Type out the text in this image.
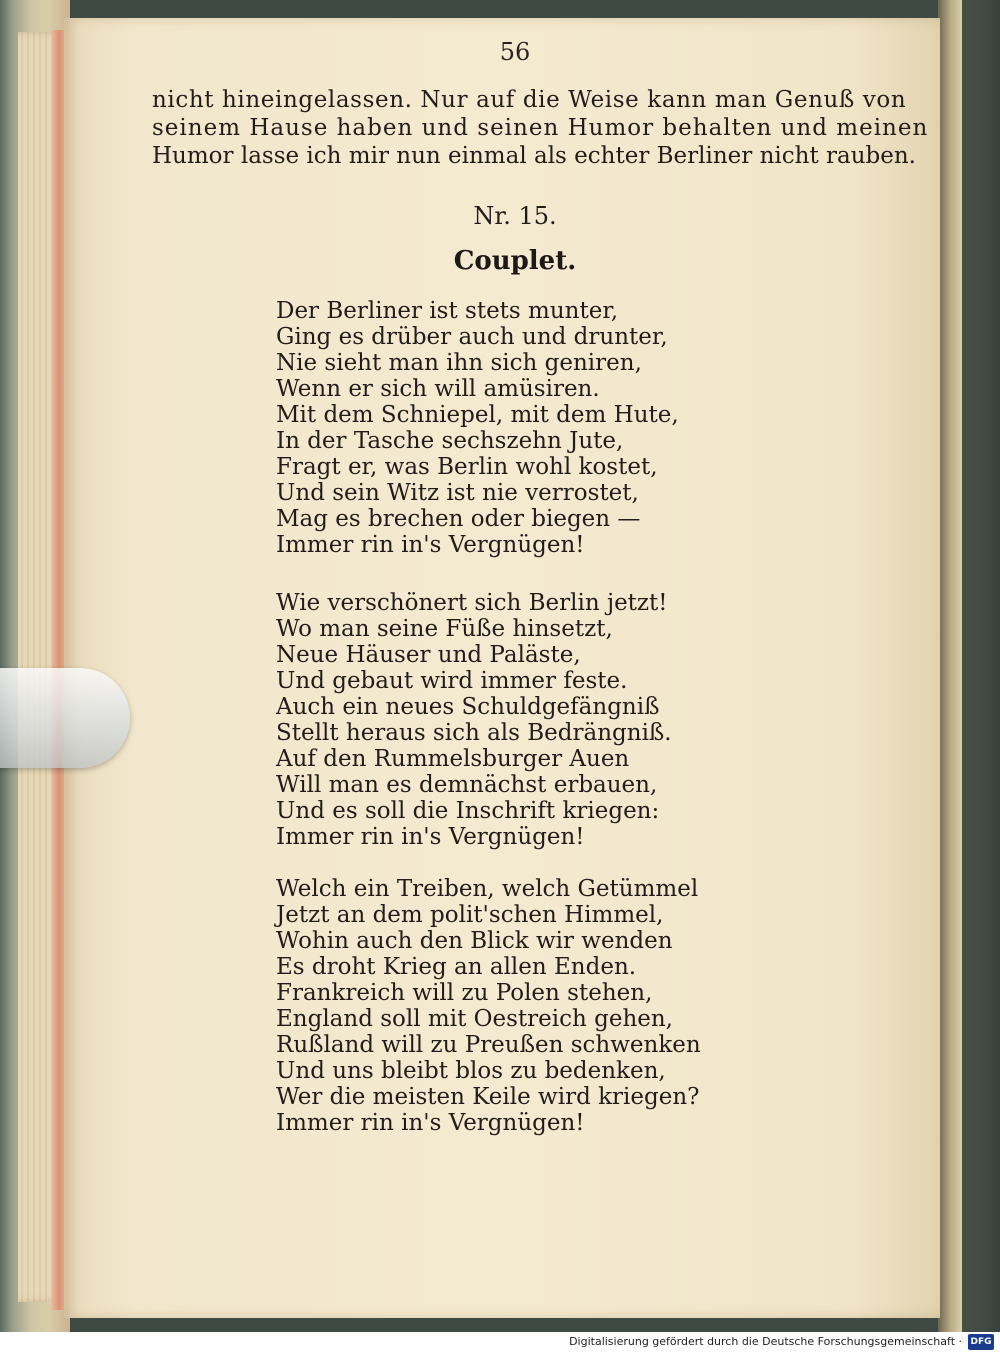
56
nicht hineingelassen. Nur auf die Weise kann man Genuß von
seinem Hause haben und seinen Humor behalten und meinen
Humor lasse ich mir nun einmal als echter Berliner nicht rauben.
Nr. 15.
Couplet.
Der Berliner ist stets munter,
Ging es drüber auch und drunter,
Nie sieht man ihn sich geniren,
Wenn er sich will amüsiren.
Mit dem Schniepel, mit dem Hute,
In der Tasche sechszehn Jute,
Fragt er, was Berlin wohl kostet,
Und sein Witz ist nie verrostet,
Mag es brechen oder biegen —
Immer rin in's Vergnügen!
Wie verschönert sich Berlin jetzt!
Wo man seine Füße hinsetzt,
Neue Häuser und Paläste,
Und gebaut wird immer feste.
Auch ein neues Schuldgefängniß
Stellt heraus sich als Bedrängniß.
Auf den Rummelsburger Auen
Will man es demnächst erbauen,
Und es soll die Inschrift kriegen:
Immer rin in's Vergnügen!
Welch ein Treiben, welch Getümmel
Jetzt an dem polit'schen Himmel,
Wohin auch den Blick wir wenden
Es droht Krieg an allen Enden.
Frankreich will zu Polen stehen,
England soll mit Oestreich gehen,
Rußland will zu Preußen schwenken
Und uns bleibt blos zu bedenken,
Wer die meisten Keile wird kriegen?
Immer rin in's Vergnügen!
Digitalisierung gefördert durch die Deutsche Forschungsgemeinschaft · DFG
